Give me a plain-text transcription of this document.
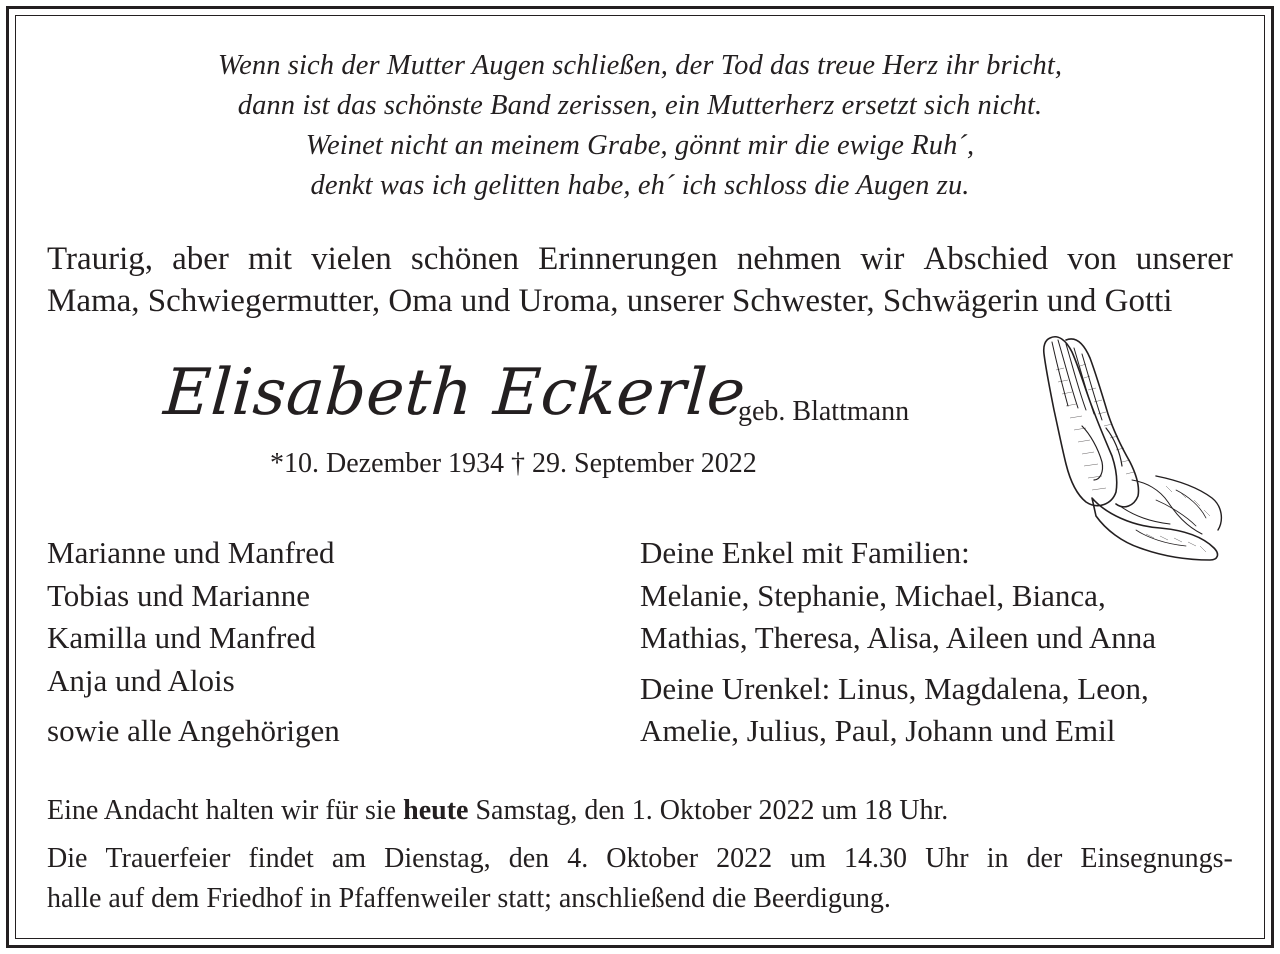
Wenn sich der Mutter Augen schließen, der Tod das treue Herz ihr bricht,
dann ist das schönste Band zerissen, ein Mutterherz ersetzt sich nicht.
Weinet nicht an meinem Grabe, gönnt mir die ewige Ruh´,
denkt was ich gelitten habe, eh´ ich schloss die Augen zu.
Traurig, aber mit vielen schönen Erinnerungen nehmen wir Abschied von unserer
Mama, Schwiegermutter, Oma und Uroma, unserer Schwester, Schwägerin und Gotti
Elisabeth Eckerle
geb. Blattmann
*10. Dezember 1934 † 29. September 2022
Marianne und Manfred
Tobias und Marianne
Kamilla und Manfred
Anja und Alois
sowie alle Angehörigen
Deine Enkel mit Familien:
Melanie, Stephanie, Michael, Bianca,
Mathias, Theresa, Alisa, Aileen und Anna
Deine Urenkel: Linus, Magdalena, Leon,
Amelie, Julius, Paul, Johann und Emil
Eine Andacht halten wir für sie heute Samstag, den 1. Oktober 2022 um 18 Uhr.
Die Trauerfeier findet am Dienstag, den 4. Oktober 2022 um 14.30 Uhr in der Einsegnungs-
halle auf dem Friedhof in Pfaffenweiler statt; anschließend die Beerdigung.
